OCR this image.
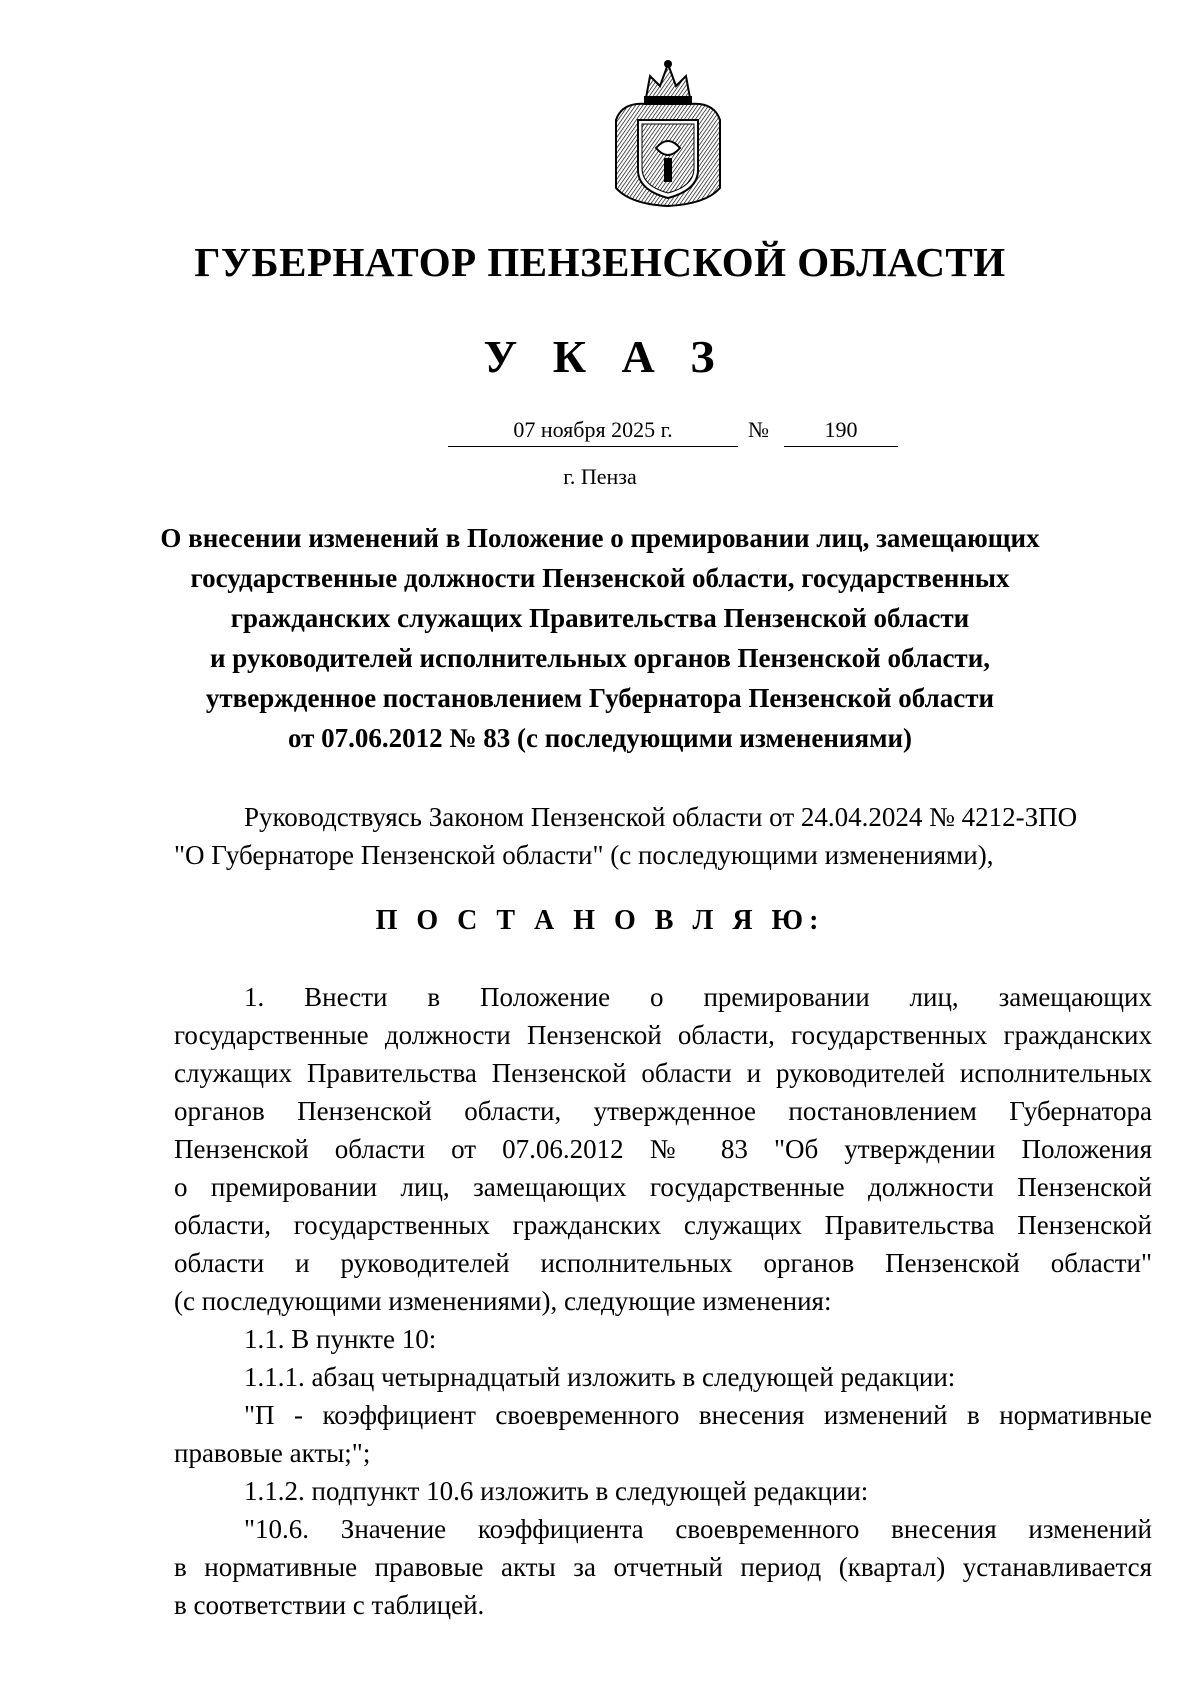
ГУБЕРНАТОР ПЕНЗЕНСКОЙ ОБЛАСТИ
У К А З
07 ноября 2025 г.	№	190
г. Пенза
О внесении изменений в Положение о премировании лиц, замещающих
государственные должности Пензенской области, государственных
гражданских служащих Правительства Пензенской области
и руководителей исполнительных органов Пензенской области,
утвержденное постановлением Губернатора Пензенской области
от 07.06.2012 № 83 (с последующими изменениями)
Руководствуясь Законом Пензенской области от 24.04.2024 № 4212-ЗПО
"О Губернаторе Пензенской области" (с последующими изменениями),
П О С Т А Н О В Л Я Ю:
1. Внести в Положение о премировании лиц, замещающих
государственные должности Пензенской области, государственных гражданских
служащих Правительства Пензенской области и руководителей исполнительных
органов Пензенской области, утвержденное постановлением Губернатора
Пензенской области от 07.06.2012 № 83 "Об утверждении Положения
о премировании лиц, замещающих государственные должности Пензенской
области, государственных гражданских служащих Правительства Пензенской
области и руководителей исполнительных органов Пензенской области"
(с последующими изменениями), следующие изменения:
1.1. В пункте 10:
1.1.1. абзац четырнадцатый изложить в следующей редакции:
"П - коэффициент своевременного внесения изменений в нормативные
правовые акты;";
1.1.2. подпункт 10.6 изложить в следующей редакции:
"10.6. Значение коэффициента своевременного внесения изменений
в нормативные правовые акты за отчетный период (квартал) устанавливается
в соответствии с таблицей.
